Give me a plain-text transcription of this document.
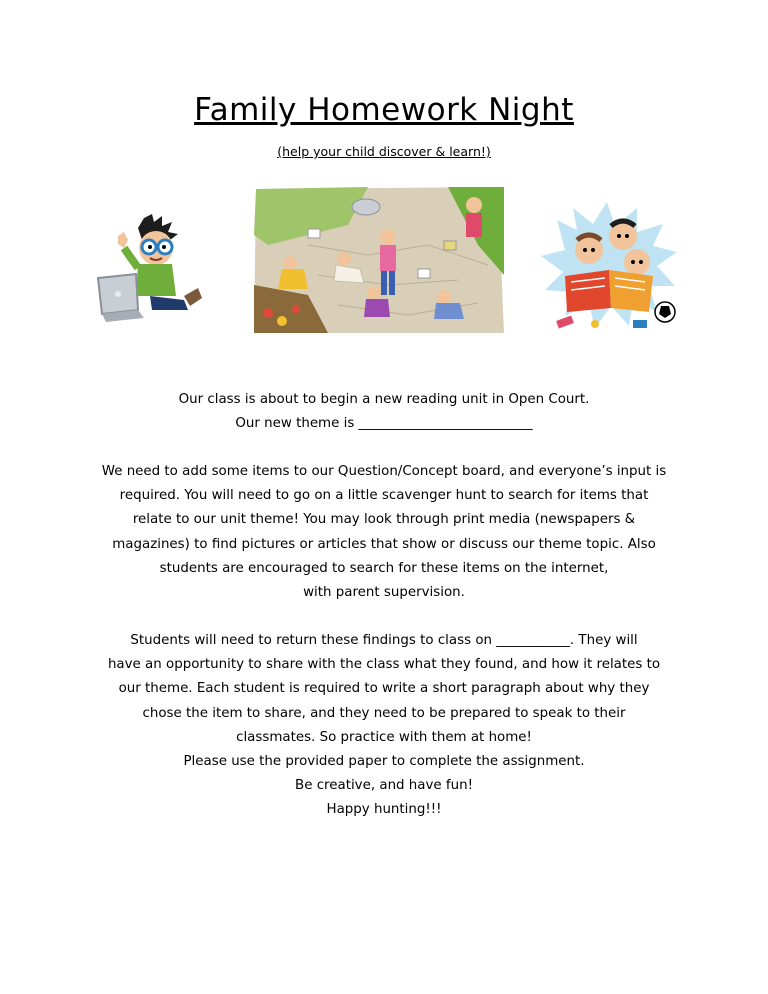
Family Homework Night
(help your child discover & learn!)
Our class is about to begin a new reading unit in Open Court.
Our new theme is __________________________
We need to add some items to our Question/Concept board, and everyone’s input is
required. You will need to go on a little scavenger hunt to search for items that
relate to our unit theme! You may look through print media (newspapers &
magazines) to find pictures or articles that show or discuss our theme topic. Also
students are encouraged to search for these items on the internet,
with parent supervision.
Students will need to return these findings to class on ___________. They will
have an opportunity to share with the class what they found, and how it relates to
our theme. Each student is required to write a short paragraph about why they
chose the item to share, and they need to be prepared to speak to their
classmates. So practice with them at home!
Please use the provided paper to complete the assignment.
Be creative, and have fun!
Happy hunting!!!
